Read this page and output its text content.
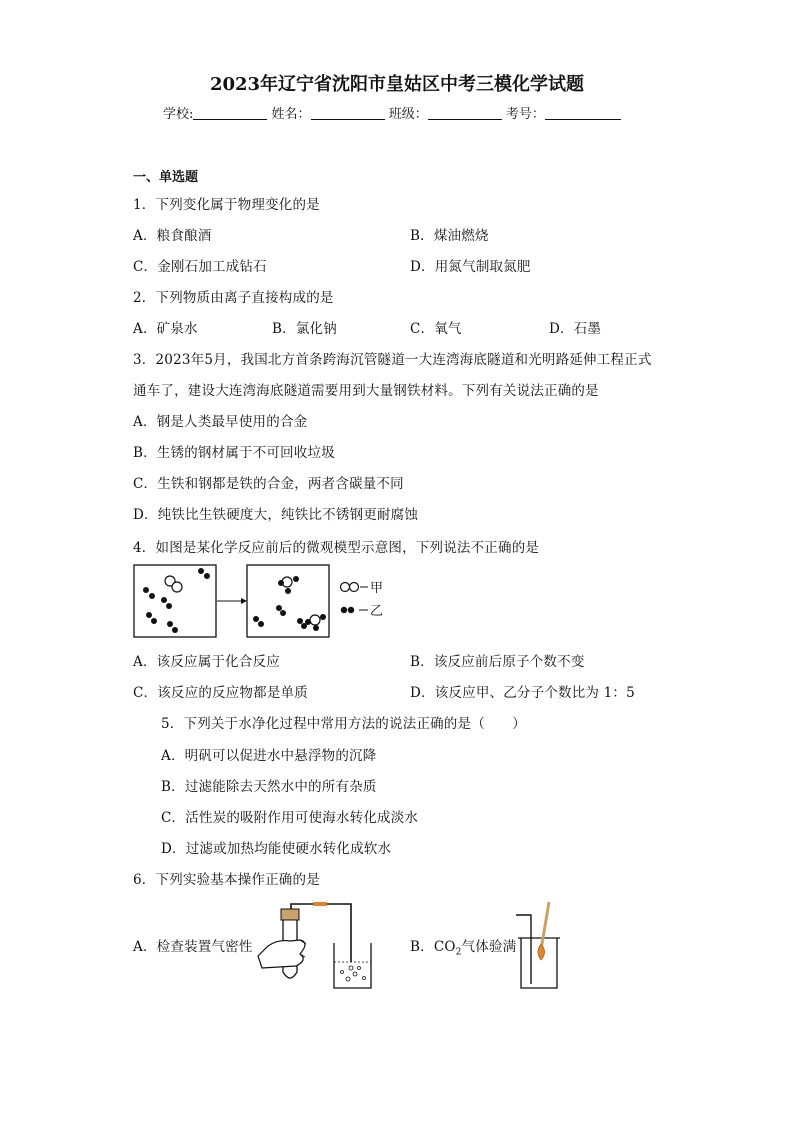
2023年辽宁省沈阳市皇姑区中考三模化学试题
学校:	姓名：	班级：	考号：
一、单选题
1．下列变化属于物理变化的是
A．粮食酿酒	B．煤油燃烧
C．金刚石加工成钻石	D．用氮气制取氮肥
2．下列物质由离子直接构成的是
A．矿泉水	B．氯化钠	C．氧气	D．石墨
3．2023年5月，我国北方首条跨海沉管隧道一大连湾海底隧道和光明路延伸工程正式
通车了，建设大连湾海底隧道需要用到大量钢铁材料。下列有关说法正确的是
A．钢是人类最早使用的合金
B．生锈的钢材属于不可回收垃圾
C．生铁和钢都是铁的合金，两者含碳量不同
D．纯铁比生铁硬度大，纯铁比不锈钢更耐腐蚀
4．如图是某化学反应前后的微观模型示意图，下列说法不正确的是
甲
乙
A．该反应属于化合反应	B．该反应前后原子个数不变
C．该反应的反应物都是单质	D．该反应甲、乙分子个数比为 1：5
5．下列关于水净化过程中常用方法的说法正确的是（　　）
A．明矾可以促进水中悬浮物的沉降
B．过滤能除去天然水中的所有杂质
C．活性炭的吸附作用可使海水转化成淡水
D．过滤或加热均能使硬水转化成软水
6．下列实验基本操作正确的是
A．检查装置气密性	B．$CO_2$气体验满
